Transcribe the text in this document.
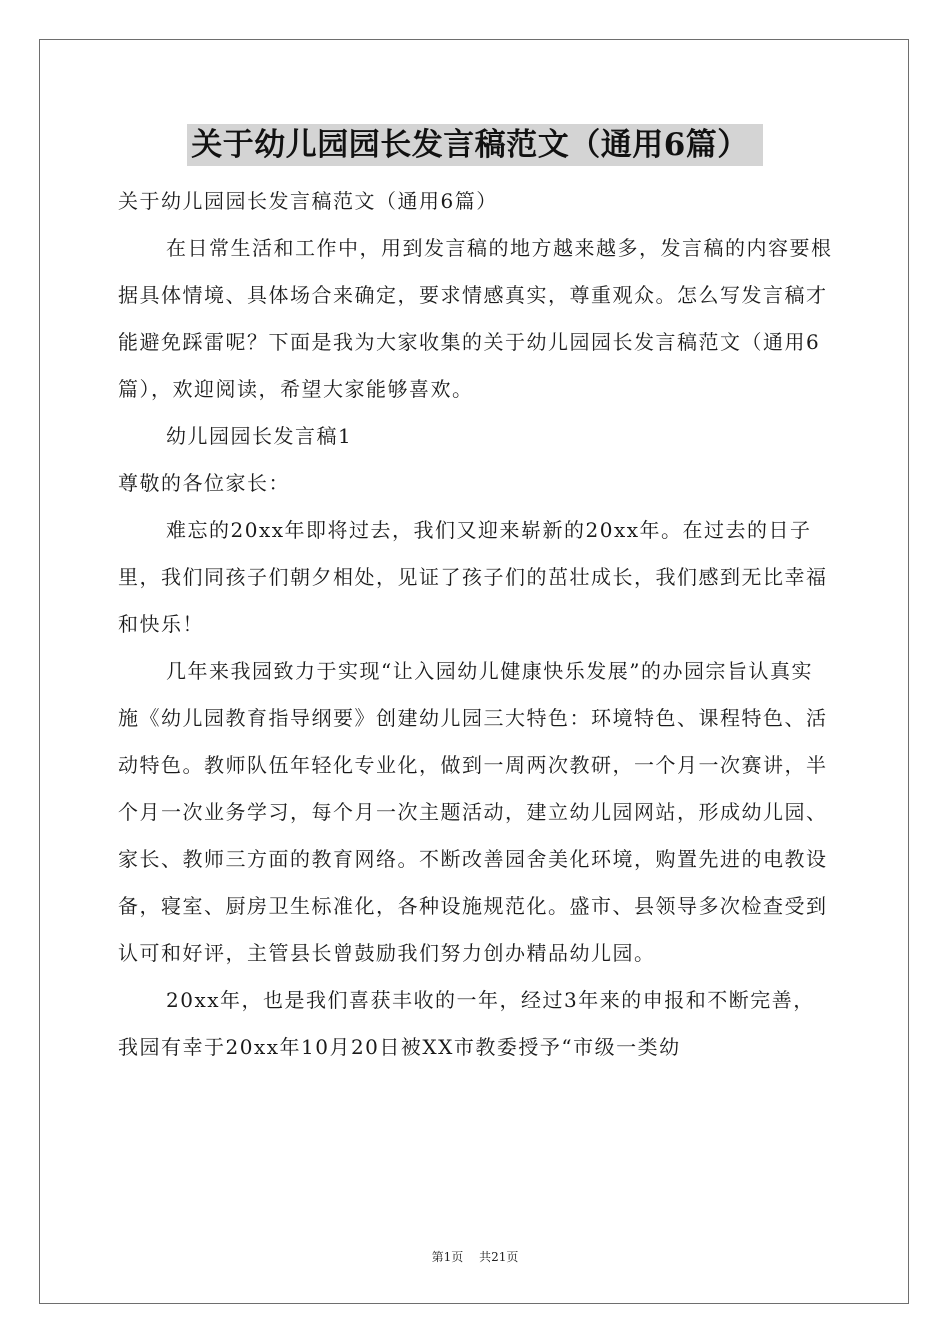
关于幼儿园园长发言稿范文（通用6篇）

关于幼儿园园长发言稿范文（通用6篇）

在日常生活和工作中，用到发言稿的地方越来越多，发言稿的内容要根据具体情境、具体场合来确定，要求情感真实，尊重观众。怎么写发言稿才能避免踩雷呢？下面是我为大家收集的关于幼儿园园长发言稿范文（通用6篇），欢迎阅读，希望大家能够喜欢。

幼儿园园长发言稿1

尊敬的各位家长：

难忘的20xx年即将过去，我们又迎来崭新的20xx年。在过去的日子里，我们同孩子们朝夕相处，见证了孩子们的茁壮成长，我们感到无比幸福和快乐！

几年来我园致力于实现“让入园幼儿健康快乐发展”的办园宗旨认真实施《幼儿园教育指导纲要》创建幼儿园三大特色：环境特色、课程特色、活动特色。教师队伍年轻化专业化，做到一周两次教研，一个月一次赛讲，半个月一次业务学习，每个月一次主题活动，建立幼儿园网站，形成幼儿园、家长、教师三方面的教育网络。不断改善园舍美化环境，购置先进的电教设备，寝室、厨房卫生标准化，各种设施规范化。盛市、县领导多次检查受到认可和好评，主管县长曾鼓励我们努力创办精品幼儿园。

20xx年，也是我们喜获丰收的一年，经过3年来的申报和不断完善，我园有幸于20xx年10月20日被XX市教委授予“市级一类幼

第1页 共21页
